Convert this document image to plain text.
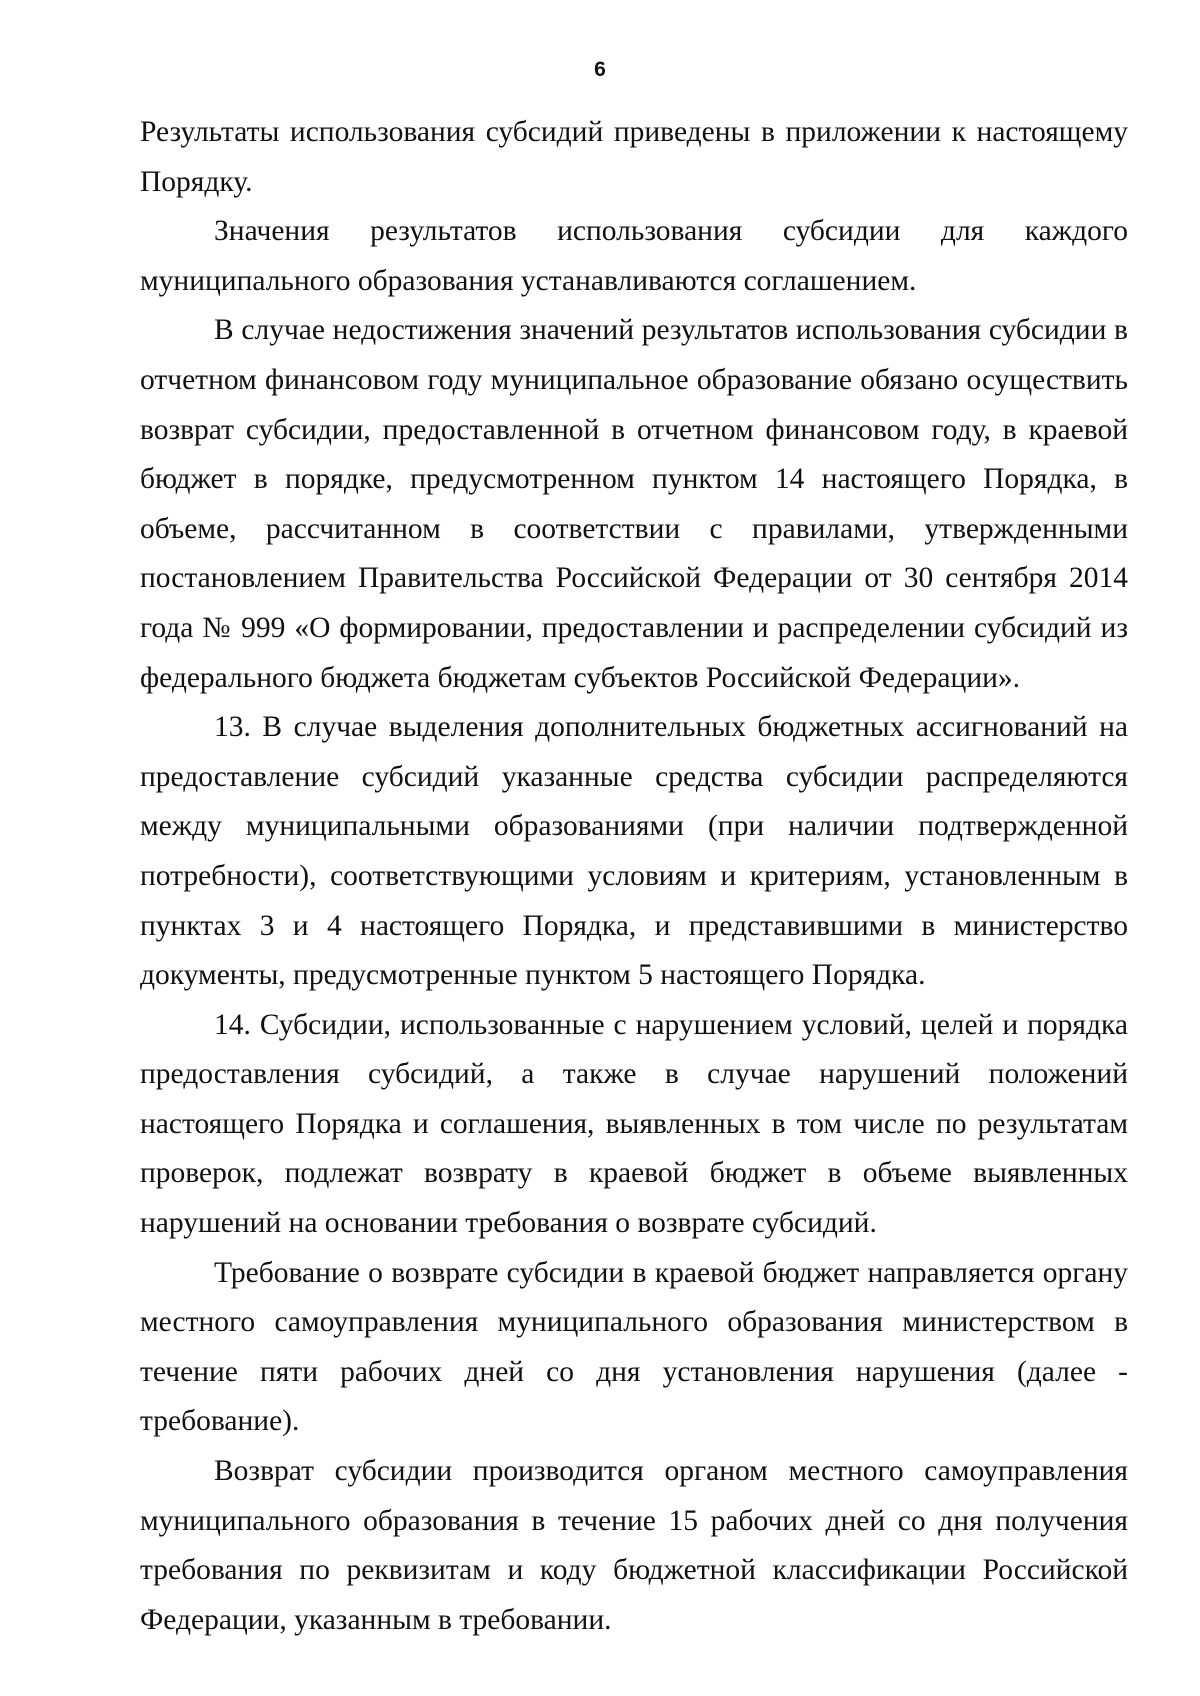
6

Результаты использования субсидий приведены в приложении к настоящему Порядку.

Значения результатов использования субсидии для каждого муниципального образования устанавливаются соглашением.

В случае недостижения значений результатов использования субсидии в отчетном финансовом году муниципальное образование обязано осуществить возврат субсидии, предоставленной в отчетном финансовом году, в краевой бюджет в порядке, предусмотренном пунктом 14 настоящего Порядка, в объеме, рассчитанном в соответствии с правилами, утвержденными постановлением Правительства Российской Федерации от 30 сентября 2014 года № 999 «О формировании, предоставлении и распределении субсидий из федерального бюджета бюджетам субъектов Российской Федерации».

13. В случае выделения дополнительных бюджетных ассигнований на предоставление субсидий указанные средства субсидии распределяются между муниципальными образованиями (при наличии подтвержденной потребности), соответствующими условиям и критериям, установленным в пунктах 3 и 4 настоящего Порядка, и представившими в министерство документы, предусмотренные пунктом 5 настоящего Порядка.

14. Субсидии, использованные с нарушением условий, целей и порядка предоставления субсидий, а также в случае нарушений положений настоящего Порядка и соглашения, выявленных в том числе по результатам проверок, подлежат возврату в краевой бюджет в объеме выявленных нарушений на основании требования о возврате субсидий.

Требование о возврате субсидии в краевой бюджет направляется органу местного самоуправления муниципального образования министерством в течение пяти рабочих дней со дня установления нарушения (далее - требование).

Возврат субсидии производится органом местного самоуправления муниципального образования в течение 15 рабочих дней со дня получения требования по реквизитам и коду бюджетной классификации Российской Федерации, указанным в требовании.
